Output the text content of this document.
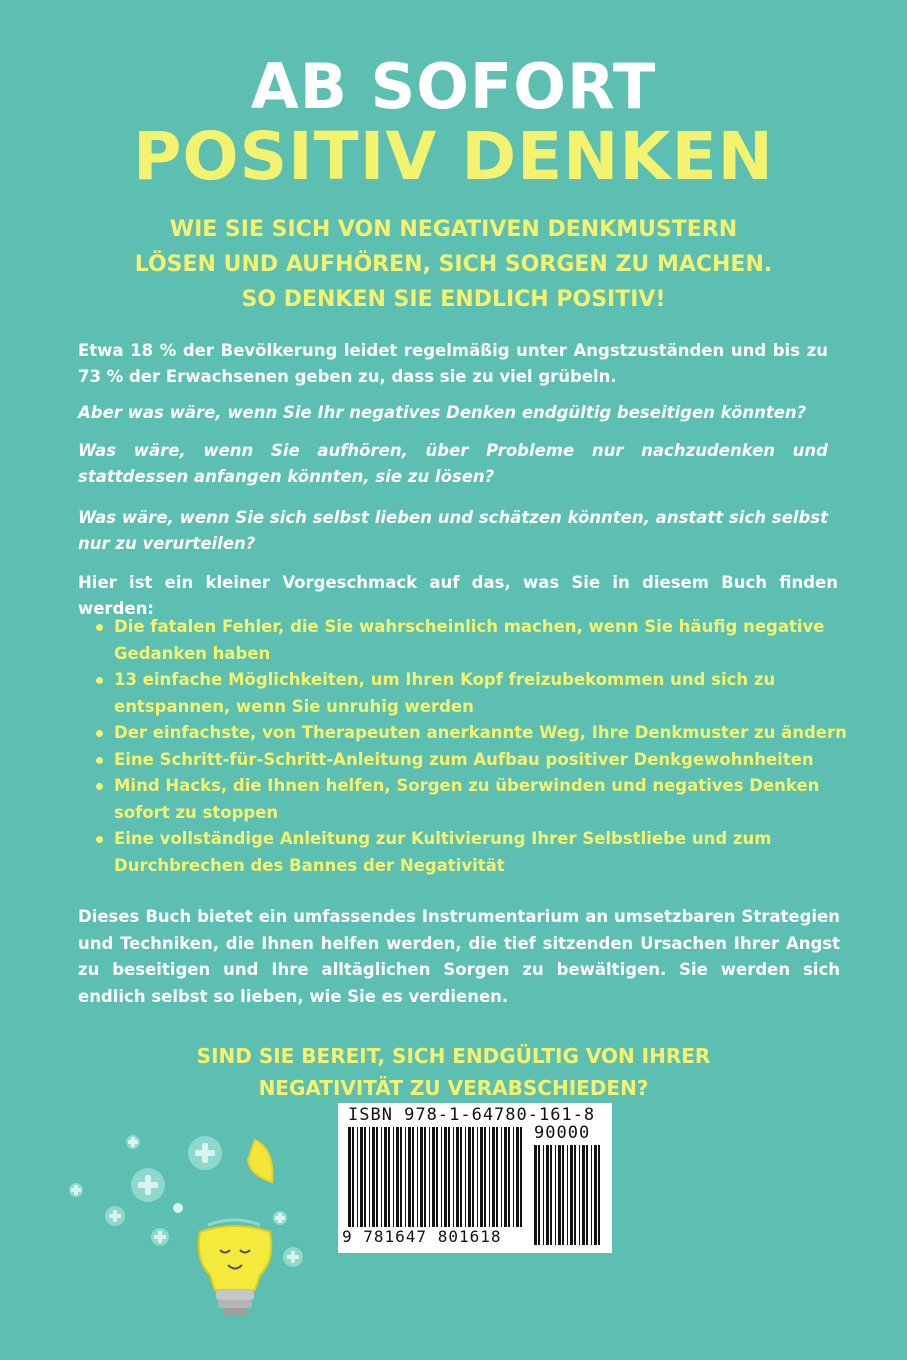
AB SOFORT
POSITIV DENKEN
WIE SIE SICH VON NEGATIVEN DENKMUSTERN
LÖSEN UND AUFHÖREN, SICH SORGEN ZU MACHEN.
SO DENKEN SIE ENDLICH POSITIV!
Etwa 18 % der Bevölkerung leidet regelmäßig unter Angstzuständen und bis zu 73 % der Erwachsenen geben zu, dass sie zu viel grübeln.
Aber was wäre, wenn Sie Ihr negatives Denken endgültig beseitigen könnten?
Was wäre, wenn Sie aufhören, über Probleme nur nachzudenken und stattdessen anfangen könnten, sie zu lösen?
Was wäre, wenn Sie sich selbst lieben und schätzen könnten, anstatt sich selbst nur zu verurteilen?
Hier ist ein kleiner Vorgeschmack auf das, was Sie in diesem Buch finden werden:
Die fatalen Fehler, die Sie wahrscheinlich machen, wenn Sie häufig negative Gedanken haben
13 einfache Möglichkeiten, um Ihren Kopf freizubekommen und sich zu entspannen, wenn Sie unruhig werden
Der einfachste, von Therapeuten anerkannte Weg, Ihre Denkmuster zu ändern
Eine Schritt-für-Schritt-Anleitung zum Aufbau positiver Denkgewohnheiten
Mind Hacks, die Ihnen helfen, Sorgen zu überwinden und negatives Denken sofort zu stoppen
Eine vollständige Anleitung zur Kultivierung Ihrer Selbstliebe und zum Durchbrechen des Bannes der Negativität
Dieses Buch bietet ein umfassendes Instrumentarium an umsetzbaren Strategien und Techniken, die Ihnen helfen werden, die tief sitzenden Ursachen Ihrer Angst zu beseitigen und Ihre alltäglichen Sorgen zu bewältigen. Sie werden sich endlich selbst so lieben, wie Sie es verdienen.
SIND SIE BEREIT, SICH ENDGÜLTIG VON IHRER
NEGATIVITÄT ZU VERABSCHIEDEN?
ISBN 978-1-64780-161-8
90000
9 781647 801618
